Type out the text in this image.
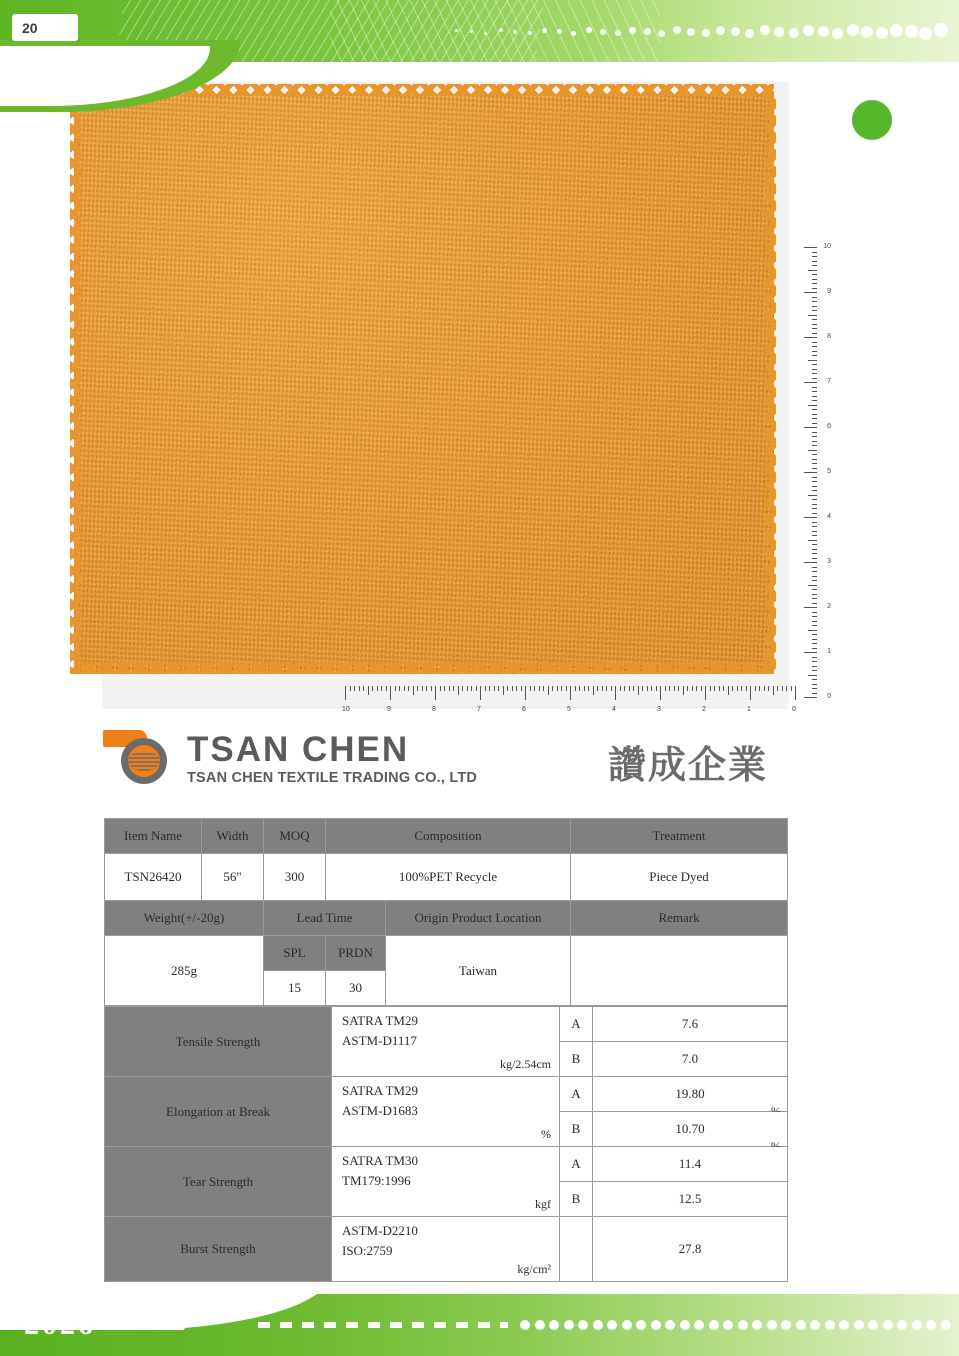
20
10
9
8
7
6
5
4
3
2
1
0
10	9	8	7	6	5	4	3	2	1	0
TSAN CHEN
TSAN CHEN TEXTILE TRADING CO., LTD	讚成企業
Item Name	Width	MOQ	Composition		Treatment
TSN26420	56"	300	100%PET Recycle		Piece Dyed
Weight(+/-20g)		Lead Time		Origin Product Location	Remark
285g		SPL	PRDN	Taiwan	
		15	30		
Tensile Strength	SATRA TM29
ASTM-D1117
kg/2.54cm	A	7.6
		B	7.0
Elongation at Break	SATRA TM29
ASTM-D1683
%	A	19.80

		B	10.70

Tear Strength	SATRA TM30
TM179:1996
kgf	A	11.4
		B	12.5
Burst Strength	ASTM-D2210
ISO:2759
kg/cm²		27.8
2026
